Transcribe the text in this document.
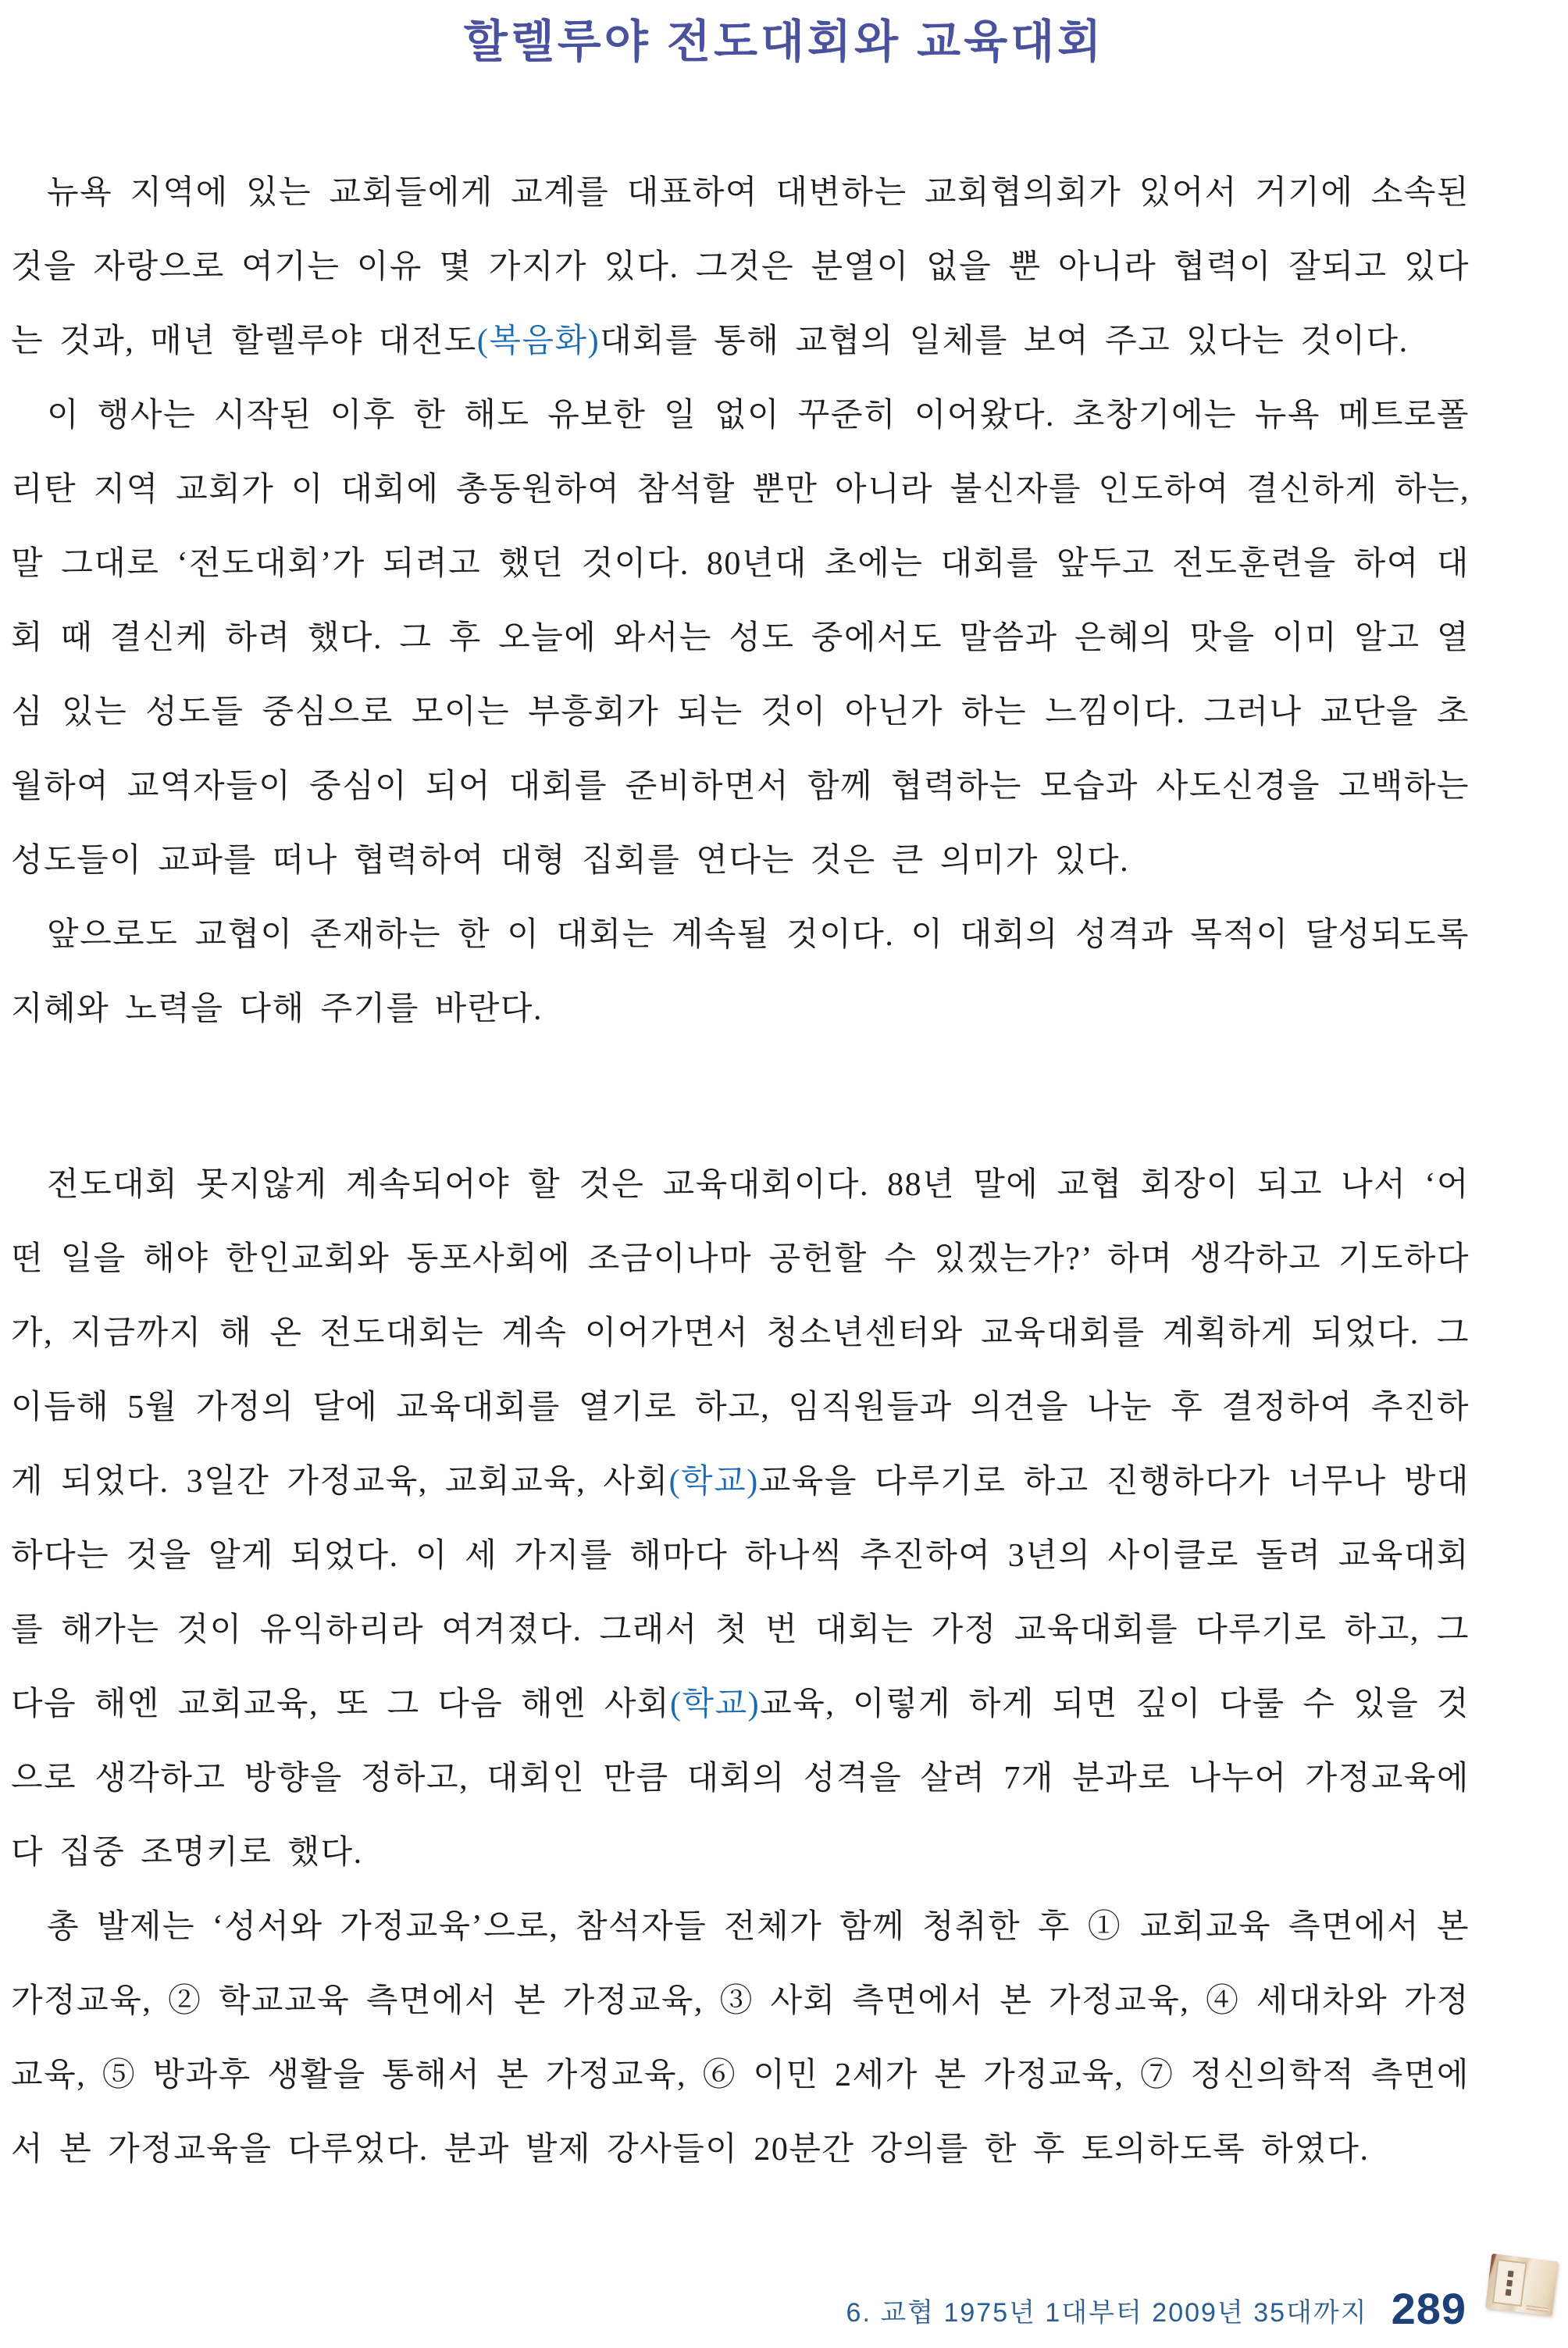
할렐루야 전도대회와 교육대회

뉴욕 지역에 있는 교회들에게 교계를 대표하여 대변하는 교회협의회가 있어서 거기에 소속된 것을 자랑으로 여기는 이유 몇 가지가 있다. 그것은 분열이 없을 뿐 아니라 협력이 잘되고 있다는 것과, 매년 할렐루야 대전도(복음화)대회를 통해 교협의 일체를 보여 주고 있다는 것이다.

이 행사는 시작된 이후 한 해도 유보한 일 없이 꾸준히 이어왔다. 초창기에는 뉴욕 메트로폴리탄 지역 교회가 이 대회에 총동원하여 참석할 뿐만 아니라 불신자를 인도하여 결신하게 하는, 말 그대로 ‘전도대회’가 되려고 했던 것이다. 80년대 초에는 대회를 앞두고 전도훈련을 하여 대회 때 결신케 하려 했다. 그 후 오늘에 와서는 성도 중에서도 말씀과 은혜의 맛을 이미 알고 열심 있는 성도들 중심으로 모이는 부흥회가 되는 것이 아닌가 하는 느낌이다. 그러나 교단을 초월하여 교역자들이 중심이 되어 대회를 준비하면서 함께 협력하는 모습과 사도신경을 고백하는 성도들이 교파를 떠나 협력하여 대형 집회를 연다는 것은 큰 의미가 있다.

앞으로도 교협이 존재하는 한 이 대회는 계속될 것이다. 이 대회의 성격과 목적이 달성되도록 지혜와 노력을 다해 주기를 바란다.

전도대회 못지않게 계속되어야 할 것은 교육대회이다. 88년 말에 교협 회장이 되고 나서 ‘어떤 일을 해야 한인교회와 동포사회에 조금이나마 공헌할 수 있겠는가?’ 하며 생각하고 기도하다가, 지금까지 해 온 전도대회는 계속 이어가면서 청소년센터와 교육대회를 계획하게 되었다. 그 이듬해 5월 가정의 달에 교육대회를 열기로 하고, 임직원들과 의견을 나눈 후 결정하여 추진하게 되었다. 3일간 가정교육, 교회교육, 사회(학교)교육을 다루기로 하고 진행하다가 너무나 방대하다는 것을 알게 되었다. 이 세 가지를 해마다 하나씩 추진하여 3년의 사이클로 돌려 교육대회를 해가는 것이 유익하리라 여겨졌다. 그래서 첫 번 대회는 가정 교육대회를 다루기로 하고, 그 다음 해엔 교회교육, 또 그 다음 해엔 사회(학교)교육, 이렇게 하게 되면 깊이 다룰 수 있을 것으로 생각하고 방향을 정하고, 대회인 만큼 대회의 성격을 살려 7개 분과로 나누어 가정교육에다 집중 조명키로 했다.

총 발제는 ‘성서와 가정교육’으로, 참석자들 전체가 함께 청취한 후 ① 교회교육 측면에서 본 가정교육, ② 학교교육 측면에서 본 가정교육, ③ 사회 측면에서 본 가정교육, ④ 세대차와 가정교육, ⑤ 방과후 생활을 통해서 본 가정교육, ⑥ 이민 2세가 본 가정교육, ⑦ 정신의학적 측면에서 본 가정교육을 다루었다. 분과 발제 강사들이 20분간 강의를 한 후 토의하도록 하였다.

6. 교협 1975년 1대부터 2009년 35대까지 289
